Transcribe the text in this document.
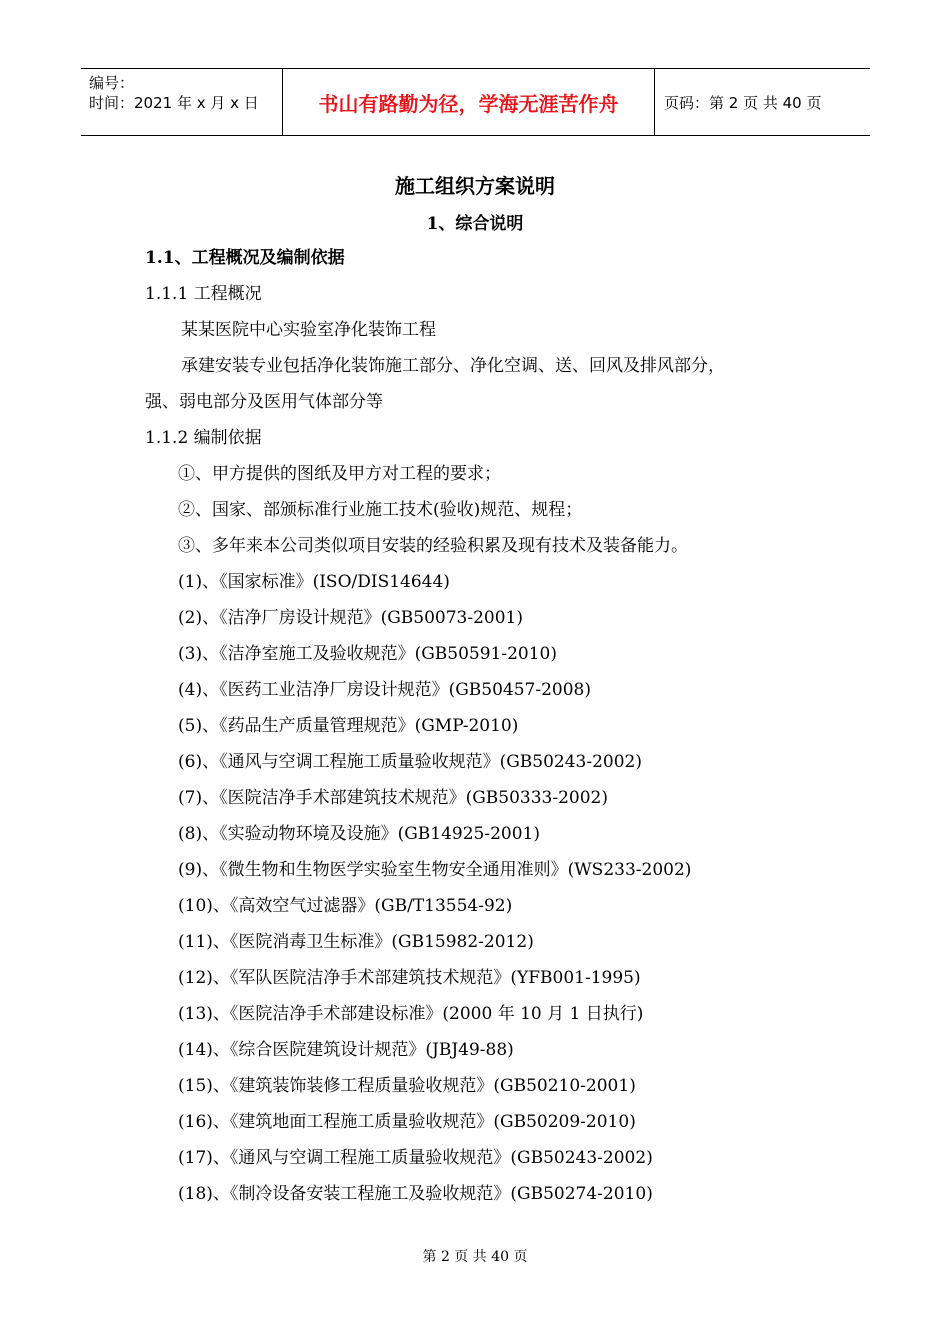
编号：
时间：2021 年 x 月 x 日	书山有路勤为径，学海无涯苦作舟	页码：第 2 页 共 40 页
施工组织方案说明
1、综合说明
1.1、工程概况及编制依据
1.1.1 工程概况
某某医院中心实验室净化装饰工程
承建安装专业包括净化装饰施工部分、净化空调、送、回风及排风部分，
强、弱电部分及医用气体部分等
1.1.2 编制依据
①、甲方提供的图纸及甲方对工程的要求；
②、国家、部颁标准行业施工技术(验收)规范、规程；
③、多年来本公司类似项目安装的经验积累及现有技术及装备能力。
(1)、《国家标准》(ISO/DIS14644)
(2)、《洁净厂房设计规范》(GB50073-2001)
(3)、《洁净室施工及验收规范》(GB50591-2010)
(4)、《医药工业洁净厂房设计规范》(GB50457-2008)
(5)、《药品生产质量管理规范》(GMP-2010)
(6)、《通风与空调工程施工质量验收规范》(GB50243-2002)
(7)、《医院洁净手术部建筑技术规范》(GB50333-2002)
(8)、《实验动物环境及设施》(GB14925-2001)
(9)、《微生物和生物医学实验室生物安全通用准则》(WS233-2002)
(10)、《高效空气过滤器》(GB/T13554-92)
(11)、《医院消毒卫生标准》(GB15982-2012)
(12)、《军队医院洁净手术部建筑技术规范》(YFB001-1995)
(13)、《医院洁净手术部建设标准》(2000 年 10 月 1 日执行)
(14)、《综合医院建筑设计规范》(JBJ49-88)
(15)、《建筑装饰装修工程质量验收规范》(GB50210-2001)
(16)、《建筑地面工程施工质量验收规范》(GB50209-2010)
(17)、《通风与空调工程施工质量验收规范》(GB50243-2002)
(18)、《制冷设备安装工程施工及验收规范》(GB50274-2010)
第 2 页 共 40 页
